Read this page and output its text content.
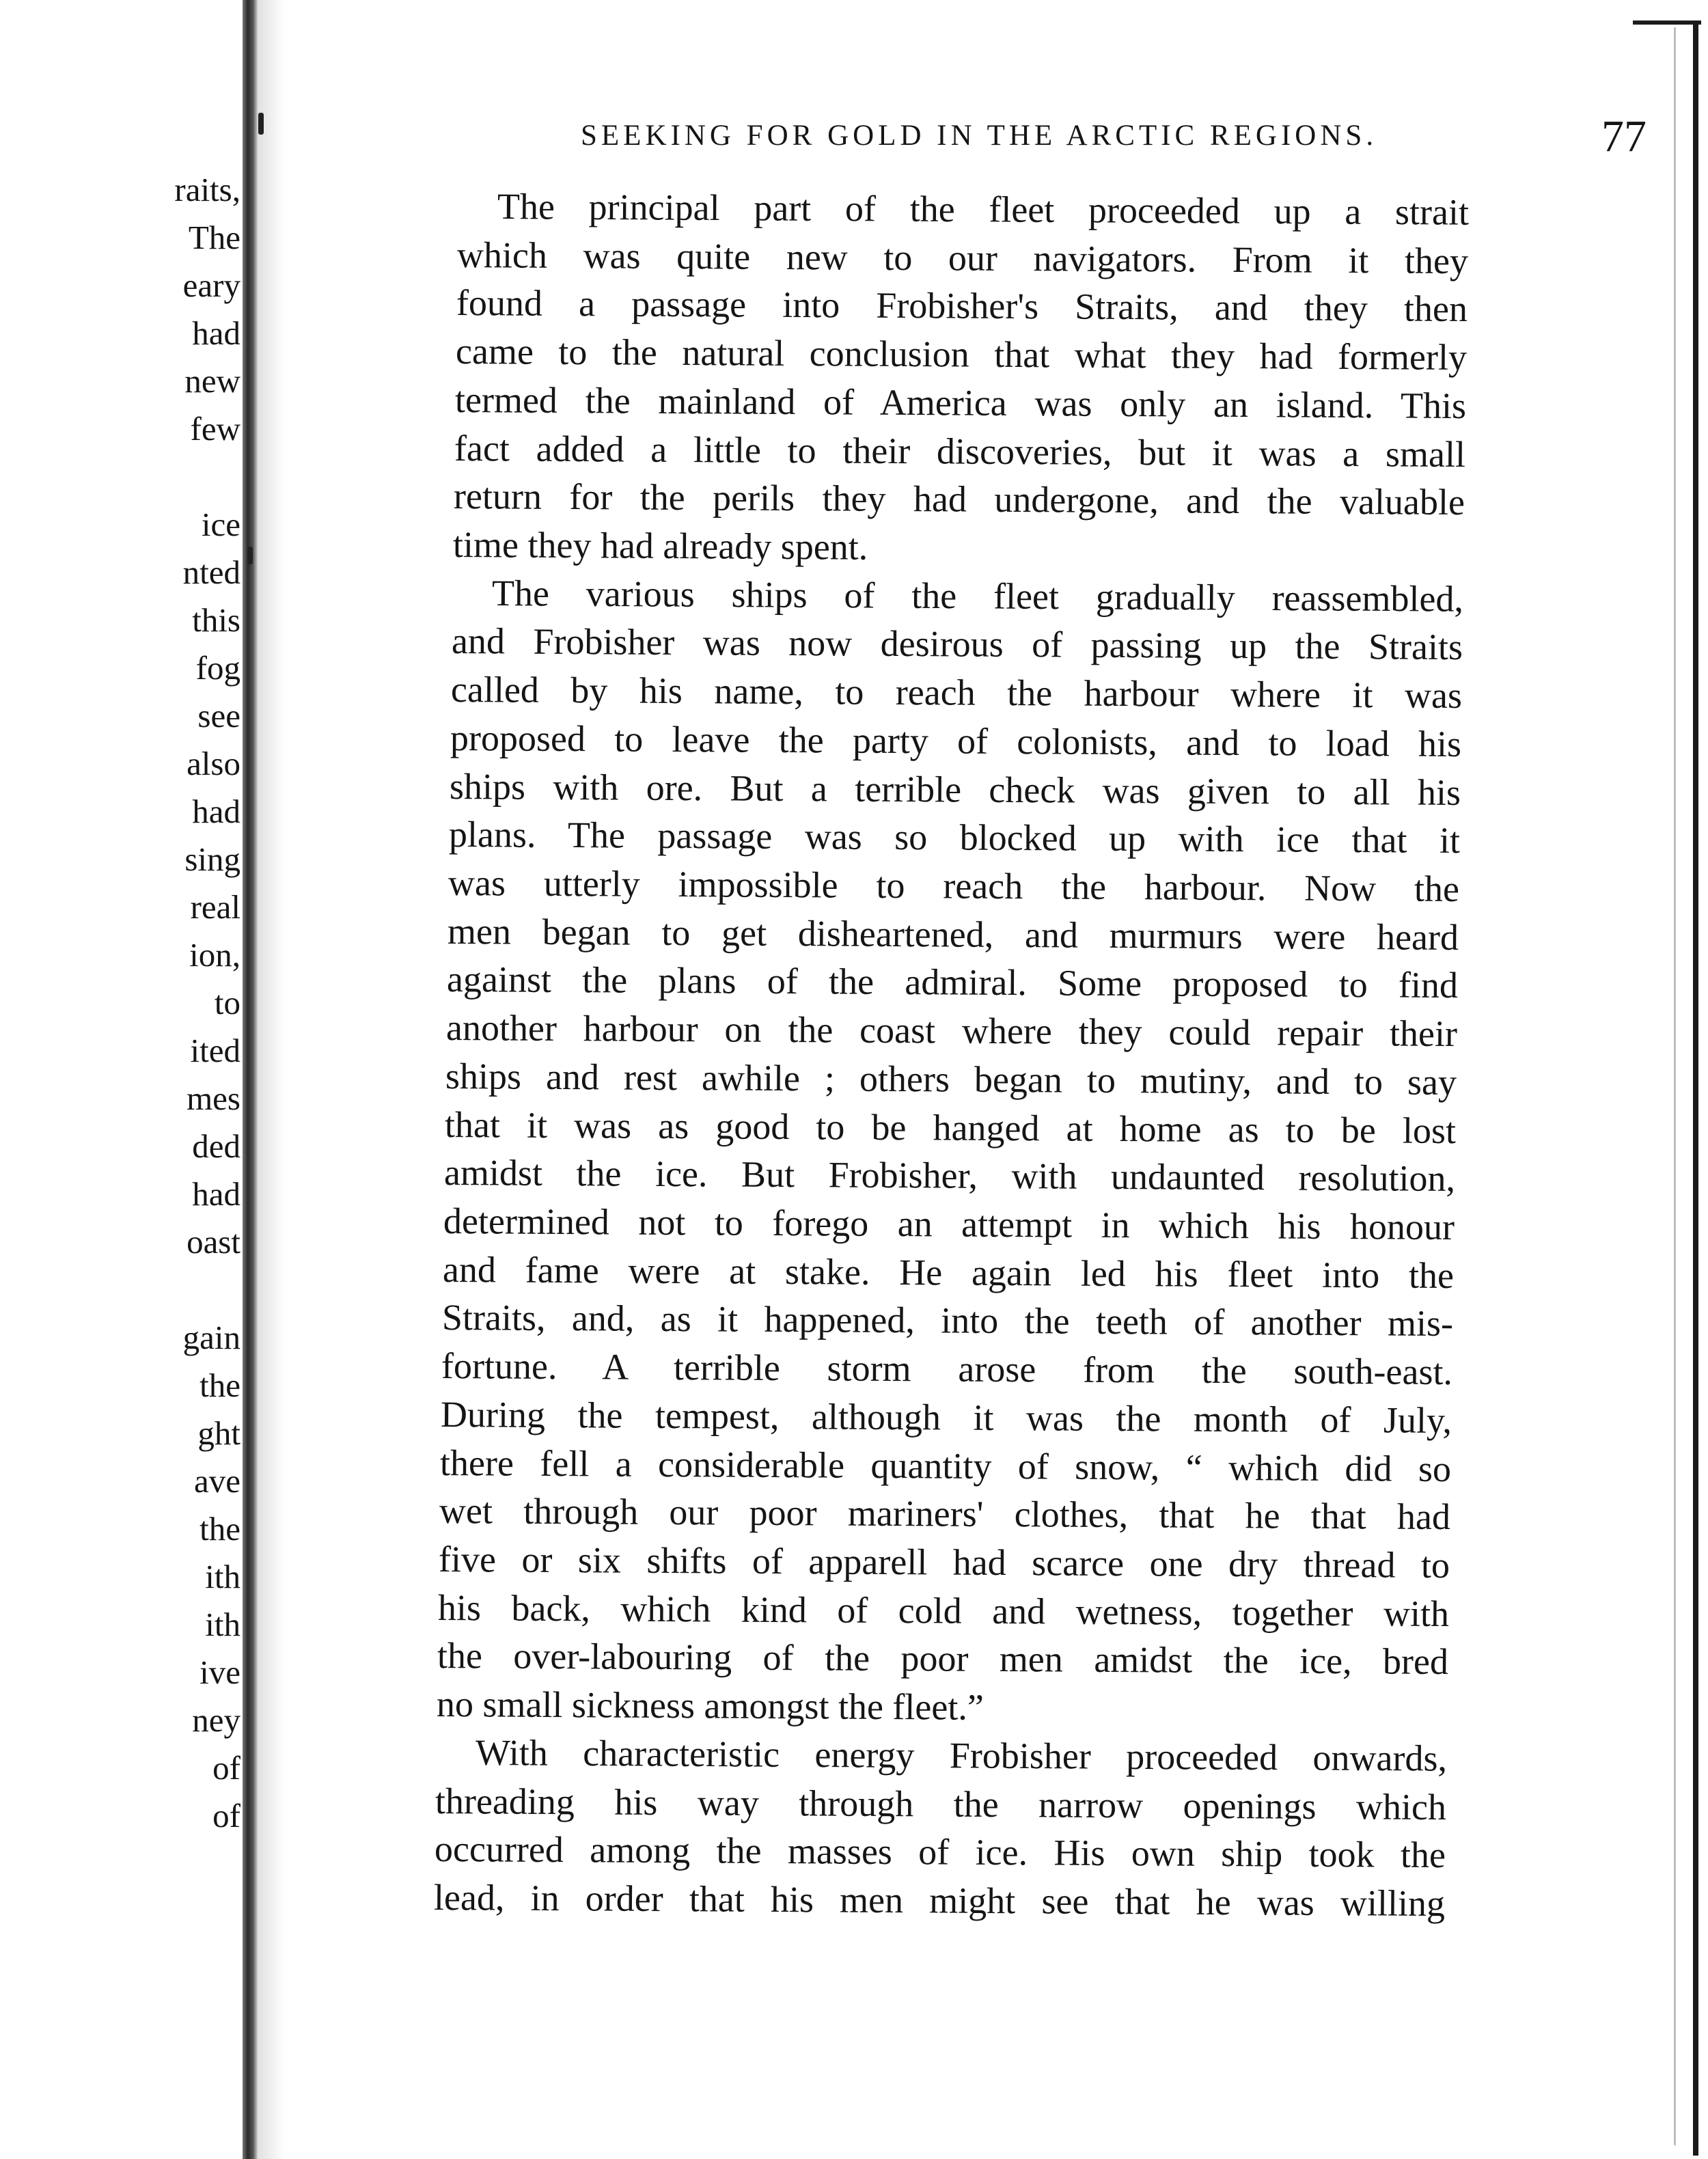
raits,
The
eary
had
new
few
ice
nted
this
fog
see
also
had
sing
real
ion,
to
ited
mes
ded
had
oast
gain
the
ght
ave
the
ith
ith
ive
ney
of
of
SEEKING FOR GOLD IN THE ARCTIC REGIONS.	77
The principal part of the fleet proceeded up a strait
which was quite new to our navigators. From it they
found a passage into Frobisher's Straits, and they then
came to the natural conclusion that what they had formerly
termed the mainland of America was only an island. This
fact added a little to their discoveries, but it was a small
return for the perils they had undergone, and the valuable
time they had already spent.
The various ships of the fleet gradually reassembled,
and Frobisher was now desirous of passing up the Straits
called by his name, to reach the harbour where it was
proposed to leave the party of colonists, and to load his
ships with ore. But a terrible check was given to all his
plans. The passage was so blocked up with ice that it
was utterly impossible to reach the harbour. Now the
men began to get disheartened, and murmurs were heard
against the plans of the admiral. Some proposed to find
another harbour on the coast where they could repair their
ships and rest awhile ; others began to mutiny, and to say
that it was as good to be hanged at home as to be lost
amidst the ice. But Frobisher, with undaunted resolution,
determined not to forego an attempt in which his honour
and fame were at stake. He again led his fleet into the
Straits, and, as it happened, into the teeth of another mis-
fortune. A terrible storm arose from the south-east.
During the tempest, although it was the month of July,
there fell a considerable quantity of snow, “ which did so
wet through our poor mariners' clothes, that he that had
five or six shifts of apparell had scarce one dry thread to
his back, which kind of cold and wetness, together with
the over-labouring of the poor men amidst the ice, bred
no small sickness amongst the fleet.”
With characteristic energy Frobisher proceeded onwards,
threading his way through the narrow openings which
occurred among the masses of ice. His own ship took the
lead, in order that his men might see that he was willing
